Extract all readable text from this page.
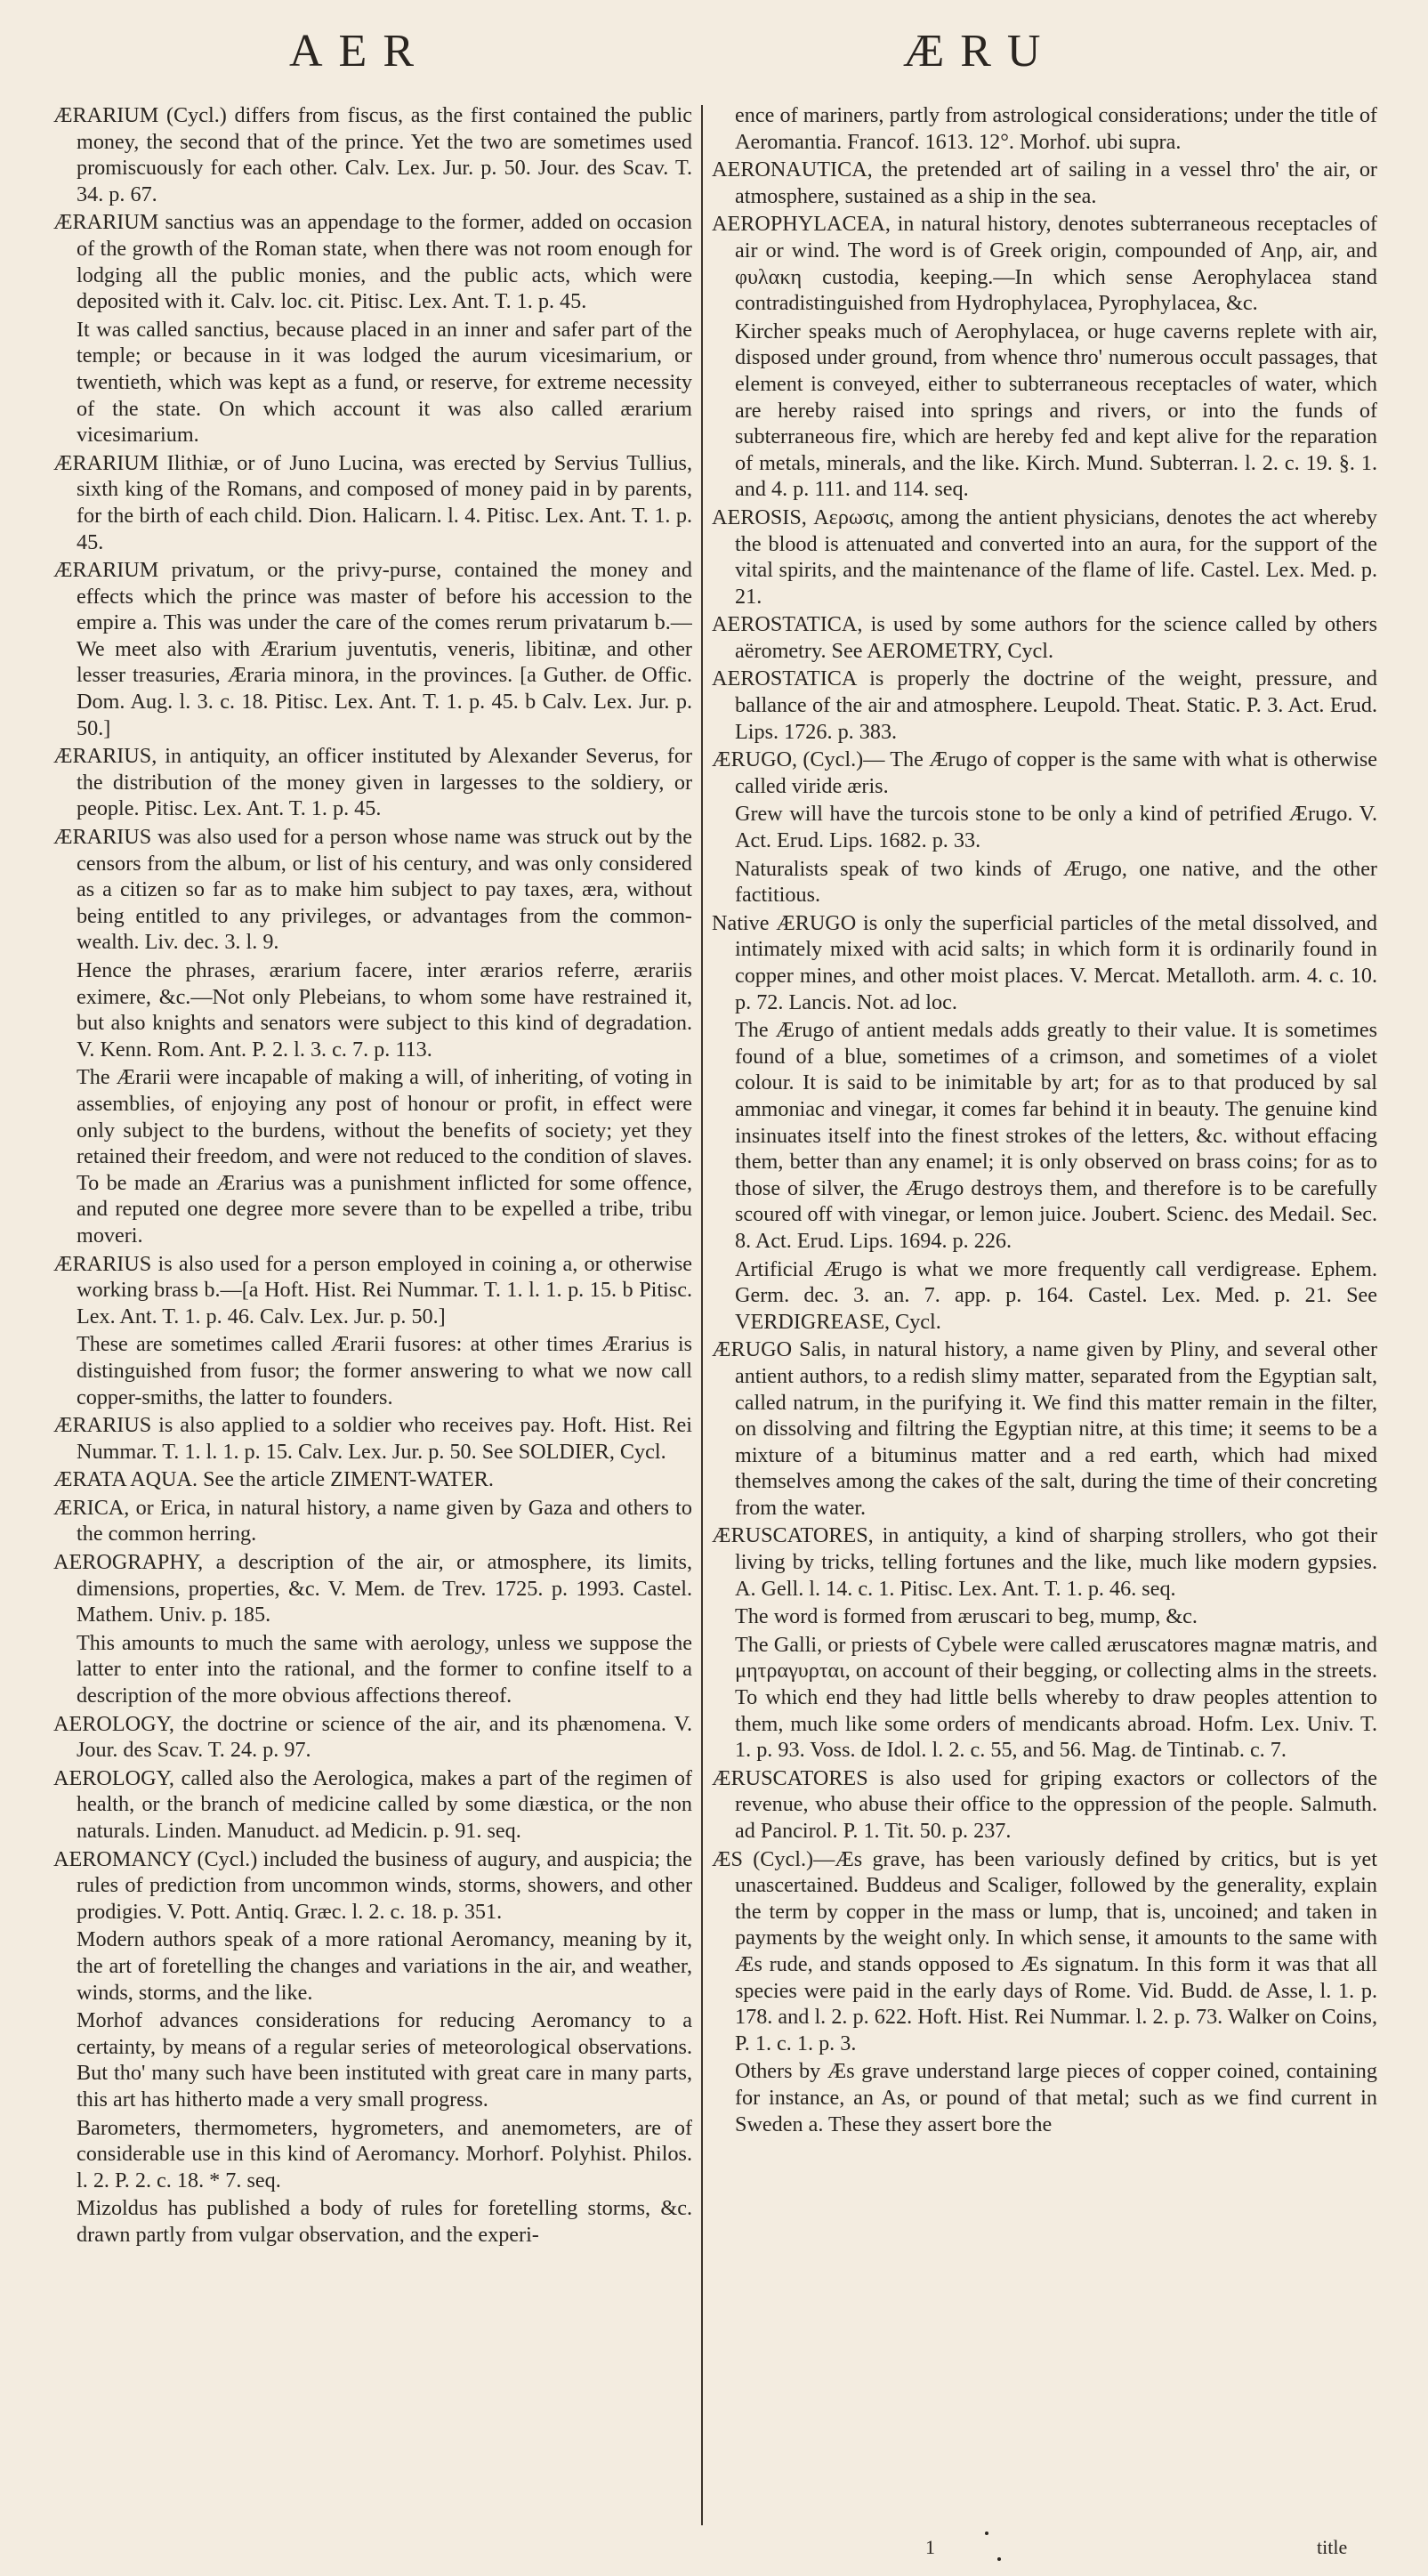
AER	ÆRU

ÆRARIUM (Cycl.) differs from fiscus, as the first contained the public money, the second that of the prince. Yet the two are sometimes used promiscuously for each other. Calv. Lex. Jur. p. 50. Jour. des Scav. T. 34. p. 67.

ÆRARIUM sanctius was an appendage to the former, added on occasion of the growth of the Roman state, when there was not room enough for lodging all the public monies, and the public acts, which were deposited with it. Calv. loc. cit. Pitisc. Lex. Ant. T. 1. p. 45.

It was called sanctius, because placed in an inner and safer part of the temple; or because in it was lodged the aurum vicesimarium, or twentieth, which was kept as a fund, or reserve, for extreme necessity of the state. On which account it was also called ærarium vicesimarium.

ÆRARIUM Ilithiæ, or of Juno Lucina, was erected by Servius Tullius, sixth king of the Romans, and composed of money paid in by parents, for the birth of each child. Dion. Halicarn. l. 4. Pitisc. Lex. Ant. T. 1. p. 45.

ÆRARIUM privatum, or the privy-purse, contained the money and effects which the prince was master of before his accession to the empire a. This was under the care of the comes rerum privatarum b.—We meet also with Ærarium juventutis, veneris, libitinæ, and other lesser treasuries, Æraria minora, in the provinces. [a Guther. de Offic. Dom. Aug. l. 3. c. 18. Pitisc. Lex. Ant. T. 1. p. 45. b Calv. Lex. Jur. p. 50.]

ÆRARIUS, in antiquity, an officer instituted by Alexander Severus, for the distribution of the money given in largesses to the soldiery, or people. Pitisc. Lex. Ant. T. 1. p. 45.

ÆRARIUS was also used for a person whose name was struck out by the censors from the album, or list of his century, and was only considered as a citizen so far as to make him subject to pay taxes, æra, without being entitled to any privileges, or advantages from the common-wealth. Liv. dec. 3. l. 9.

Hence the phrases, ærarium facere, inter ærarios referre, ærariis eximere, &c.—Not only Plebeians, to whom some have restrained it, but also knights and senators were subject to this kind of degradation. V. Kenn. Rom. Ant. P. 2. l. 3. c. 7. p. 113.

The Ærarii were incapable of making a will, of inheriting, of voting in assemblies, of enjoying any post of honour or profit, in effect were only subject to the burdens, without the benefits of society; yet they retained their freedom, and were not reduced to the condition of slaves. To be made an Ærarius was a punishment inflicted for some offence, and reputed one degree more severe than to be expelled a tribe, tribu moveri.

ÆRARIUS is also used for a person employed in coining a, or otherwise working brass b.—[a Hoft. Hist. Rei Nummar. T. 1. l. 1. p. 15. b Pitisc. Lex. Ant. T. 1. p. 46. Calv. Lex. Jur. p. 50.]

These are sometimes called Ærarii fusores: at other times Ærarius is distinguished from fusor; the former answering to what we now call copper-smiths, the latter to founders.

ÆRARIUS is also applied to a soldier who receives pay. Hoft. Hist. Rei Nummar. T. 1. l. 1. p. 15. Calv. Lex. Jur. p. 50. See SOLDIER, Cycl.

ÆRATA AQUA. See the article ZIMENT-WATER.

ÆRICA, or Erica, in natural history, a name given by Gaza and others to the common herring.

AEROGRAPHY, a description of the air, or atmosphere, its limits, dimensions, properties, &c. V. Mem. de Trev. 1725. p. 1993. Castel. Mathem. Univ. p. 185.

This amounts to much the same with aerology, unless we suppose the latter to enter into the rational, and the former to confine itself to a description of the more obvious affections thereof.

AEROLOGY, the doctrine or science of the air, and its phænomena. V. Jour. des Scav. T. 24. p. 97.

AEROLOGY, called also the Aerologica, makes a part of the regimen of health, or the branch of medicine called by some diæstica, or the non naturals. Linden. Manuduct. ad Medicin. p. 91. seq.

AEROMANCY (Cycl.) included the business of augury, and auspicia; the rules of prediction from uncommon winds, storms, showers, and other prodigies. V. Pott. Antiq. Græc. l. 2. c. 18. p. 351.

Modern authors speak of a more rational Aeromancy, meaning by it, the art of foretelling the changes and variations in the air, and weather, winds, storms, and the like.

Morhof advances considerations for reducing Aeromancy to a certainty, by means of a regular series of meteorological observations. But tho' many such have been instituted with great care in many parts, this art has hitherto made a very small progress.

Barometers, thermometers, hygrometers, and anemometers, are of considerable use in this kind of Aeromancy. Morhorf. Polyhist. Philos. l. 2. P. 2. c. 18. * 7. seq.

Mizoldus has published a body of rules for foretelling storms, &c. drawn partly from vulgar observation, and the experi-

ence of mariners, partly from astrological considerations; under the title of Aeromantia. Francof. 1613. 12°. Morhof. ubi supra.

AERONAUTICA, the pretended art of sailing in a vessel thro' the air, or atmosphere, sustained as a ship in the sea.

AEROPHYLACEA, in natural history, denotes subterraneous receptacles of air or wind. The word is of Greek origin, compounded of Αηρ, air, and φυλακη custodia, keeping.—In which sense Aerophylacea stand contradistinguished from Hydrophylacea, Pyrophylacea, &c.

Kircher speaks much of Aerophylacea, or huge caverns replete with air, disposed under ground, from whence thro' numerous occult passages, that element is conveyed, either to subterraneous receptacles of water, which are hereby raised into springs and rivers, or into the funds of subterraneous fire, which are hereby fed and kept alive for the reparation of metals, minerals, and the like. Kirch. Mund. Subterran. l. 2. c. 19. §. 1. and 4. p. 111. and 114. seq.

AEROSIS, Αερωσις, among the antient physicians, denotes the act whereby the blood is attenuated and converted into an aura, for the support of the vital spirits, and the maintenance of the flame of life. Castel. Lex. Med. p. 21.

AEROSTATICA, is used by some authors for the science called by others aërometry. See AEROMETRY, Cycl.

AEROSTATICA is properly the doctrine of the weight, pressure, and ballance of the air and atmosphere. Leupold. Theat. Static. P. 3. Act. Erud. Lips. 1726. p. 383.

ÆRUGO, (Cycl.)— The Ærugo of copper is the same with what is otherwise called viride æris.

Grew will have the turcois stone to be only a kind of petrified Ærugo. V. Act. Erud. Lips. 1682. p. 33.

Naturalists speak of two kinds of Ærugo, one native, and the other factitious.

Native ÆRUGO is only the superficial particles of the metal dissolved, and intimately mixed with acid salts; in which form it is ordinarily found in copper mines, and other moist places. V. Mercat. Metalloth. arm. 4. c. 10. p. 72. Lancis. Not. ad loc.

The Ærugo of antient medals adds greatly to their value. It is sometimes found of a blue, sometimes of a crimson, and sometimes of a violet colour. It is said to be inimitable by art; for as to that produced by sal ammoniac and vinegar, it comes far behind it in beauty. The genuine kind insinuates itself into the finest strokes of the letters, &c. without effacing them, better than any enamel; it is only observed on brass coins; for as to those of silver, the Ærugo destroys them, and therefore is to be carefully scoured off with vinegar, or lemon juice. Joubert. Scienc. des Medail. Sec. 8. Act. Erud. Lips. 1694. p. 226.

Artificial Ærugo is what we more frequently call verdigrease. Ephem. Germ. dec. 3. an. 7. app. p. 164. Castel. Lex. Med. p. 21. See VERDIGREASE, Cycl.

ÆRUGO Salis, in natural history, a name given by Pliny, and several other antient authors, to a redish slimy matter, separated from the Egyptian salt, called natrum, in the purifying it. We find this matter remain in the filter, on dissolving and filtring the Egyptian nitre, at this time; it seems to be a mixture of a bituminus matter and a red earth, which had mixed themselves among the cakes of the salt, during the time of their concreting from the water.

ÆRUSCATORES, in antiquity, a kind of sharping strollers, who got their living by tricks, telling fortunes and the like, much like modern gypsies. A. Gell. l. 14. c. 1. Pitisc. Lex. Ant. T. 1. p. 46. seq.

The word is formed from æruscari to beg, mump, &c.

The Galli, or priests of Cybele were called æruscatores magnæ matris, and μητραγυρται, on account of their begging, or collecting alms in the streets. To which end they had little bells whereby to draw peoples attention to them, much like some orders of mendicants abroad. Hofm. Lex. Univ. T. 1. p. 93. Voss. de Idol. l. 2. c. 55, and 56. Mag. de Tintinab. c. 7.

ÆRUSCATORES is also used for griping exactors or collectors of the revenue, who abuse their office to the oppression of the people. Salmuth. ad Pancirol. P. 1. Tit. 50. p. 237.

ÆS (Cycl.)—Æs grave, has been variously defined by critics, but is yet unascertained. Buddeus and Scaliger, followed by the generality, explain the term by copper in the mass or lump, that is, uncoined; and taken in payments by the weight only. In which sense, it amounts to the same with Æs rude, and stands opposed to Æs signatum. In this form it was that all species were paid in the early days of Rome. Vid. Budd. de Asse, l. 1. p. 178. and l. 2. p. 622. Hoft. Hist. Rei Nummar. l. 2. p. 73. Walker on Coins, P. 1. c. 1. p. 3.

Others by Æs grave understand large pieces of copper coined, containing for instance, an As, or pound of that metal; such as we find current in Sweden a. These they assert bore the

1	title
